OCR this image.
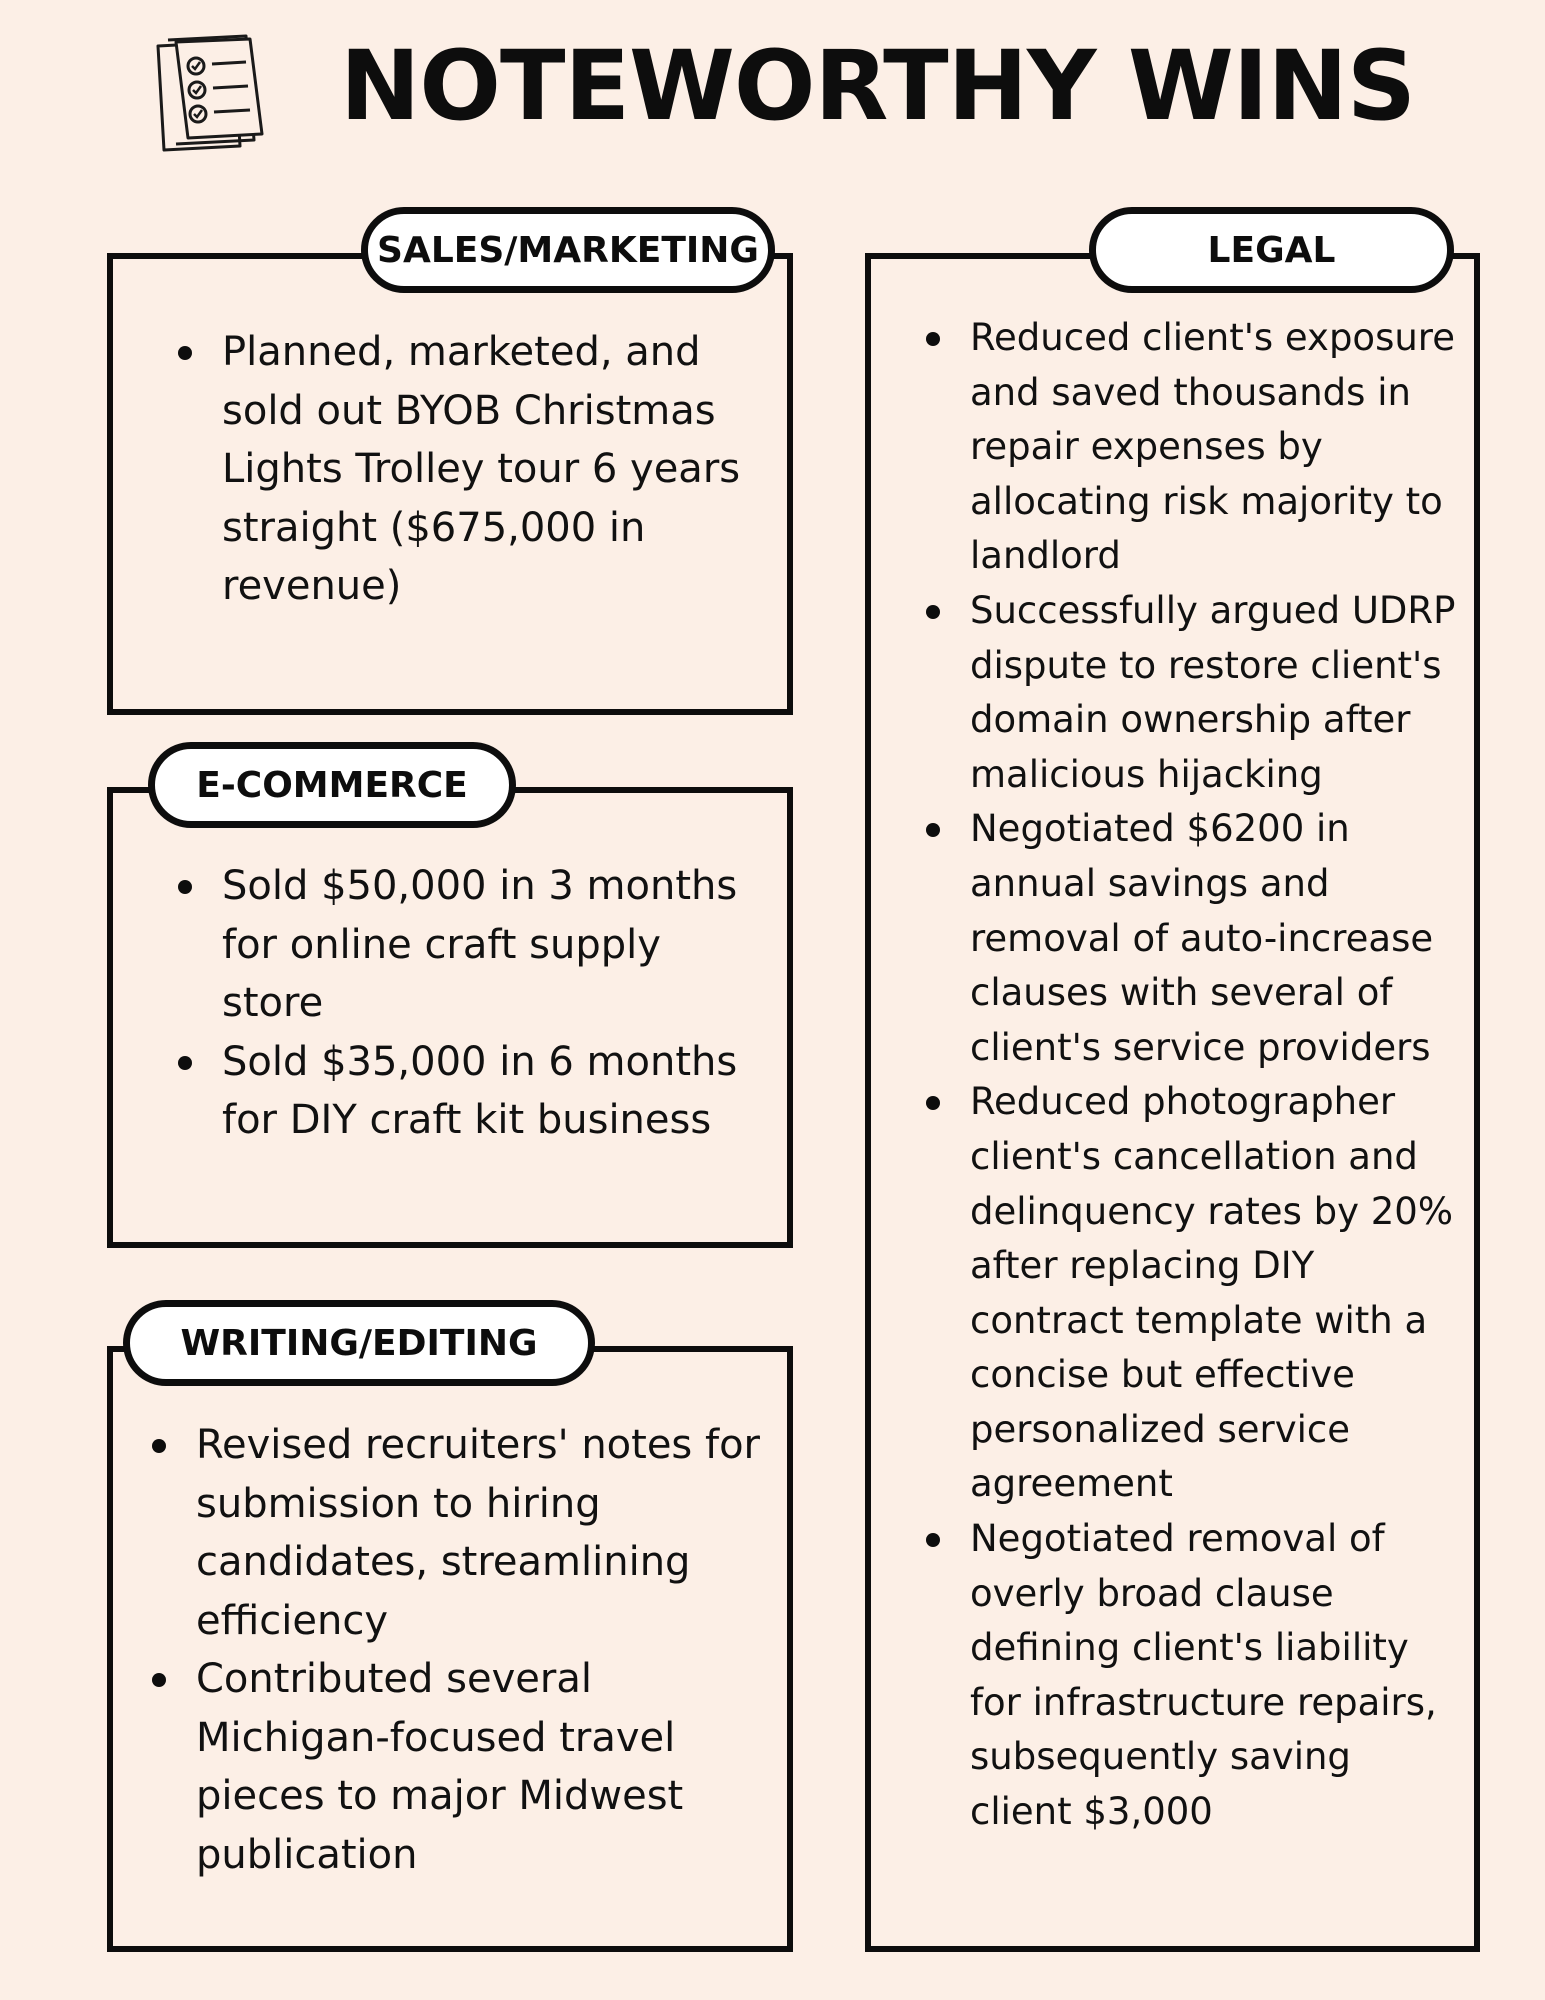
NOTEWORTHY WINS
SALES/MARKETING
Planned, marketed, and sold out BYOB Christmas Lights Trolley tour 6 years straight ($675,000 in revenue)
E-COMMERCE
Sold $50,000 in 3 months for online craft supply store
Sold $35,000 in 6 months for DIY craft kit business
WRITING/EDITING
Revised recruiters' notes for submission to hiring candidates, streamlining efficiency
Contributed several Michigan-focused travel pieces to major Midwest publication
LEGAL
Reduced client's exposure and saved thousands in repair expenses by allocating risk majority to landlord
Successfully argued UDRP dispute to restore client's domain ownership after malicious hijacking
Negotiated $6200 in annual savings and removal of auto-increase clauses with several of client's service providers
Reduced photographer client's cancellation and delinquency rates by 20% after replacing DIY contract template with a concise but effective personalized service agreement
Negotiated removal of overly broad clause defining client's liability for infrastructure repairs, subsequently saving client $3,000
